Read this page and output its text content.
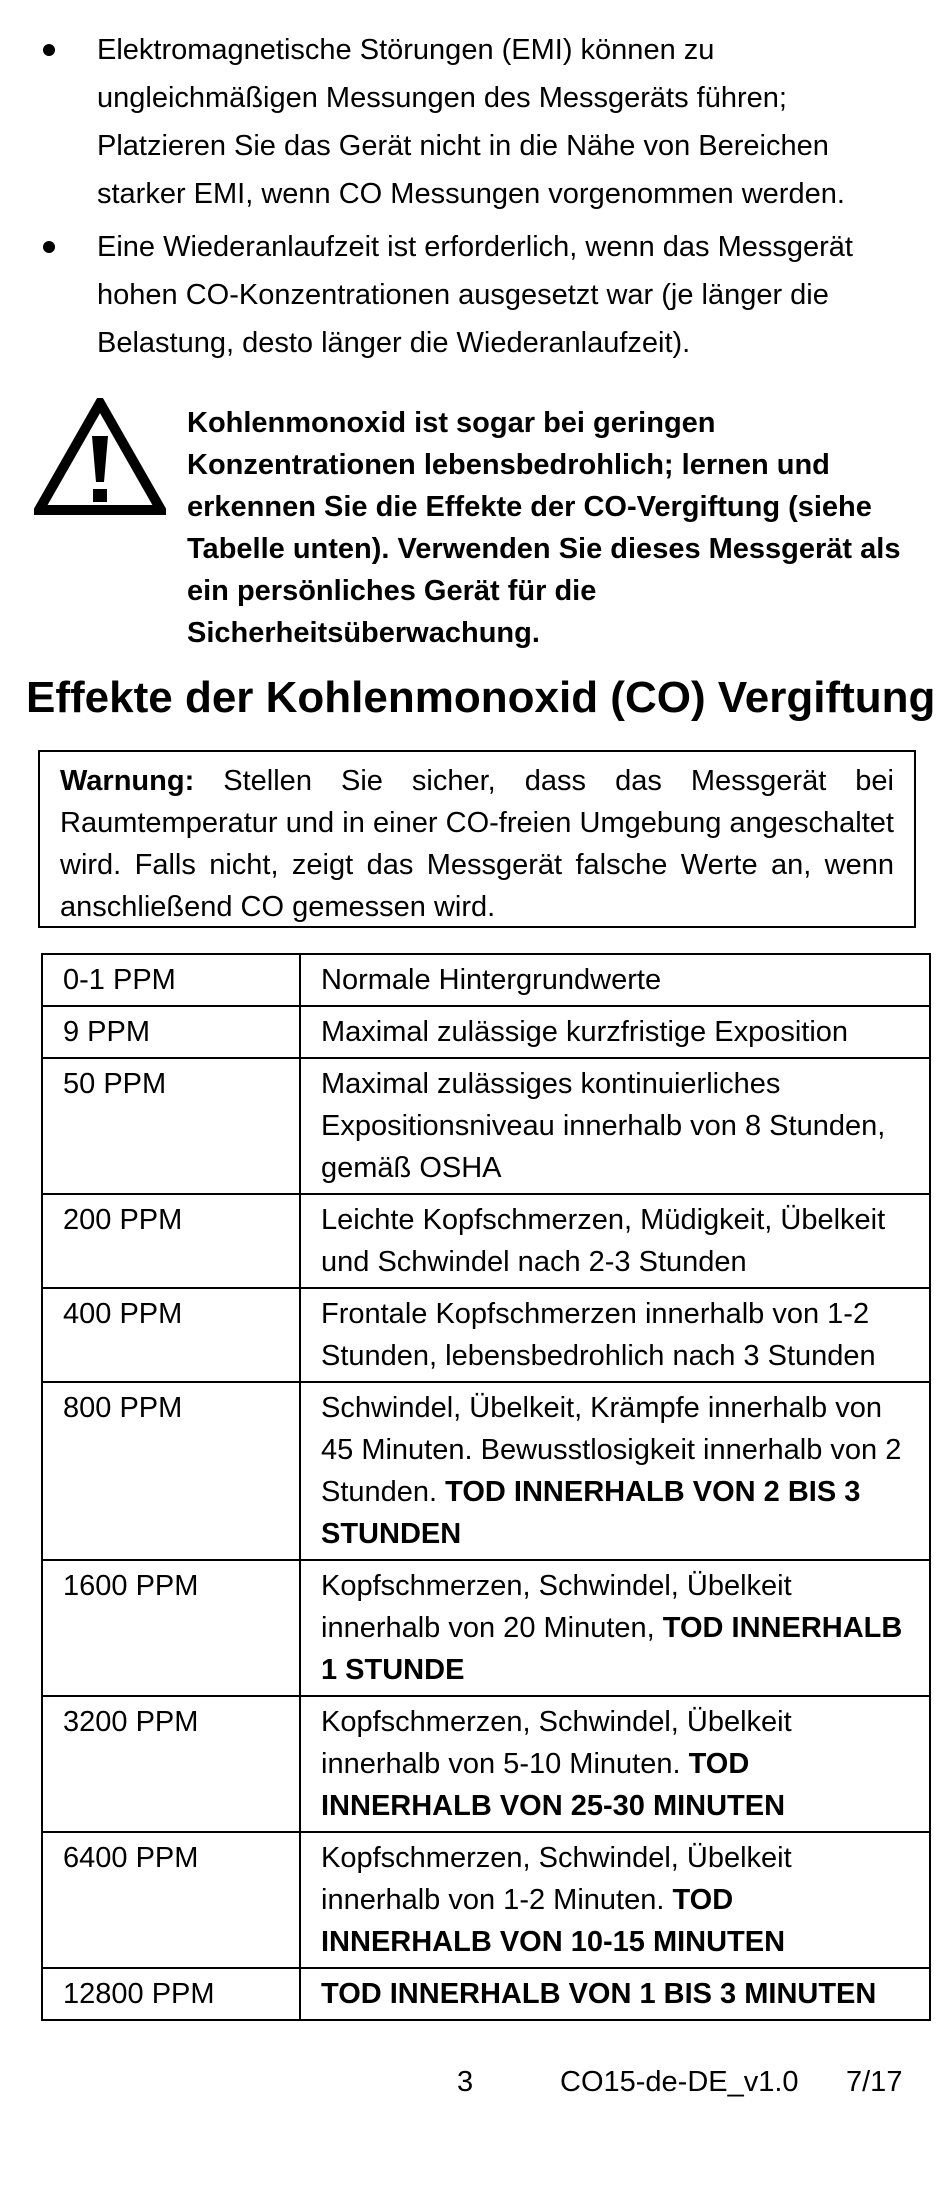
Elektromagnetische Störungen (EMI) können zu ungleichmäßigen Messungen des Messgeräts führen; Platzieren Sie das Gerät nicht in die Nähe von Bereichen starker EMI, wenn CO Messungen vorgenommen werden.
Eine Wiederanlaufzeit ist erforderlich, wenn das Messgerät hohen CO-Konzentrationen ausgesetzt war (je länger die Belastung, desto länger die Wiederanlaufzeit).
Kohlenmonoxid ist sogar bei geringen Konzentrationen lebensbedrohlich; lernen und erkennen Sie die Effekte der CO-Vergiftung (siehe Tabelle unten). Verwenden Sie dieses Messgerät als ein persönliches Gerät für die Sicherheitsüberwachung.
Effekte der Kohlenmonoxid (CO) Vergiftung
Warnung: Stellen Sie sicher, dass das Messgerät bei Raumtemperatur und in einer CO-freien Umgebung angeschaltet wird. Falls nicht, zeigt das Messgerät falsche Werte an, wenn anschließend CO gemessen wird.
0-1 PPM	Normale Hintergrundwerte
9 PPM	Maximal zulässige kurzfristige Exposition
50 PPM	Maximal zulässiges kontinuierliches Expositionsniveau innerhalb von 8 Stunden, gemäß OSHA
200 PPM	Leichte Kopfschmerzen, Müdigkeit, Übelkeit und Schwindel nach 2-3 Stunden
400 PPM	Frontale Kopfschmerzen innerhalb von 1-2 Stunden, lebensbedrohlich nach 3 Stunden
800 PPM	Schwindel, Übelkeit, Krämpfe innerhalb von 45 Minuten. Bewusstlosigkeit innerhalb von 2 Stunden. TOD INNERHALB VON 2 BIS 3 STUNDEN
1600 PPM	Kopfschmerzen, Schwindel, Übelkeit innerhalb von 20 Minuten, TOD INNERHALB 1 STUNDE
3200 PPM	Kopfschmerzen, Schwindel, Übelkeit innerhalb von 5-10 Minuten. TOD INNERHALB VON 25-30 MINUTEN
6400 PPM	Kopfschmerzen, Schwindel, Übelkeit innerhalb von 1-2 Minuten. TOD INNERHALB VON 10-15 MINUTEN
12800 PPM	TOD INNERHALB VON 1 BIS 3 MINUTEN
3	CO15-de-DE_v1.0 7/17
